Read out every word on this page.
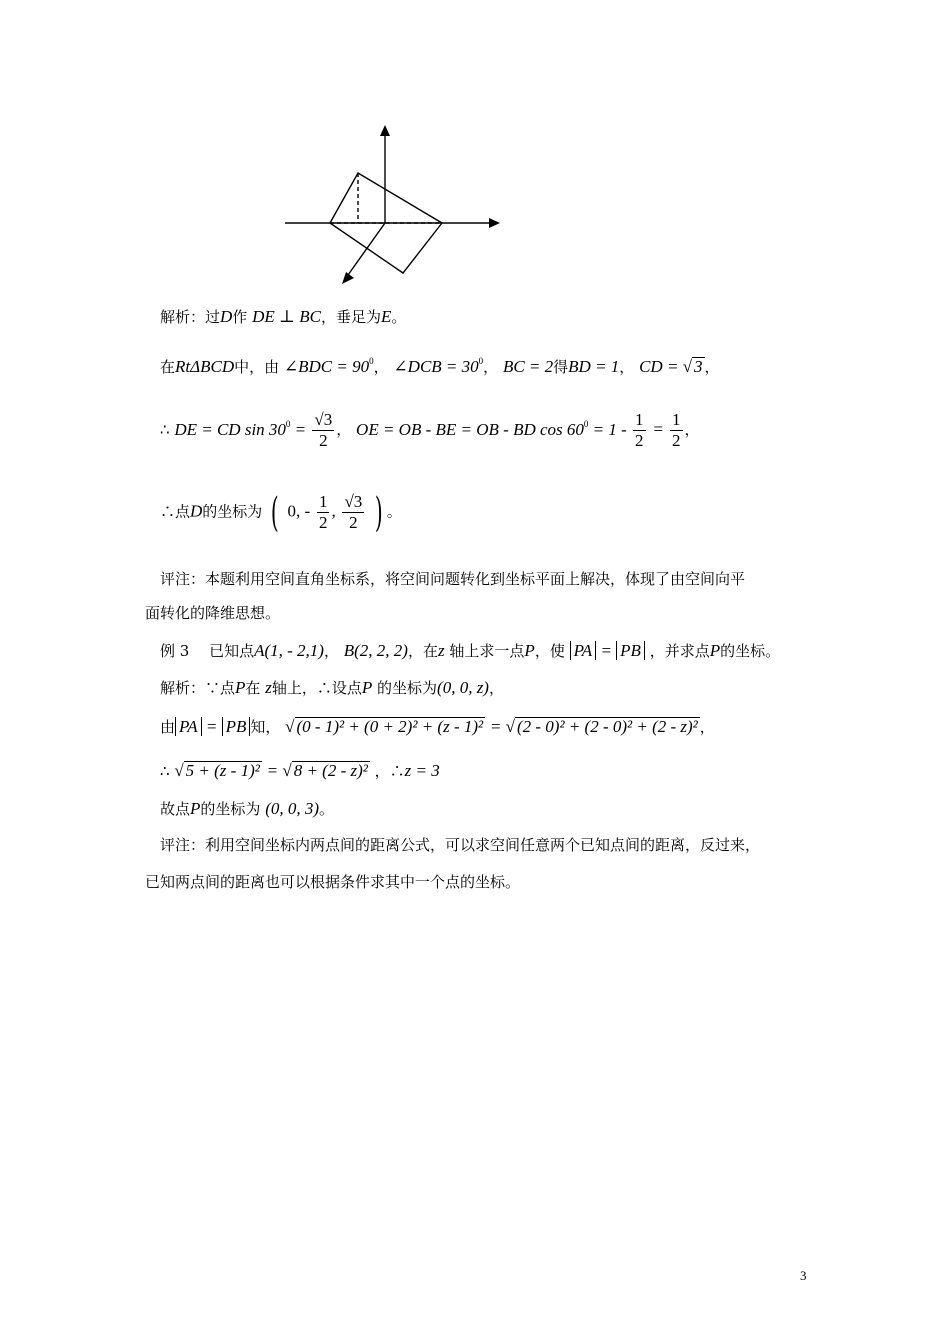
解析：过D作 DE ⊥ BC，垂足为E。
在RtΔBCD中，由 ∠BDC = $90^0$， ∠DCB = $30^0$， BC = 2得BD = 1， CD = √ 3 ，
∴ DE = CD $\sin 30^0 = \frac{√3}{2}$ ， OE = OB - BE = OB - BD $\cos 60^0 = 1 - \frac{1}{2} = \frac{1}{2}$ ，
∴点D的坐标为 ( 0, - $\frac{1}{2}$ , $\frac{√3}{2}$ ) 。
评注：本题利用空间直角坐标系，将空间问题转化到坐标平面上解决，体现了由空间向平
面转化的降维思想。
例 3　 已知点A(1, - 2,1)， B(2, 2, 2)，在z 轴上求一点P，使 PA = PB ，并求点P的坐标。
解析：∵点P在 z轴上，∴设点P 的坐标为(0, 0, z)，
由 PA = PB 知， √ (0 - 1)² + (0 + 2)² + (z - 1)² = √ (2 - 0)² + (2 - 0)² + (2 - z)² ，
∴ √ 5 + (z - 1)² = √ 8 + (2 - z)² ，∴z = 3
故点P的坐标为 (0, 0, 3)。
评注：利用空间坐标内两点间的距离公式，可以求空间任意两个已知点间的距离，反过来，
已知两点间的距离也可以根据条件求其中一个点的坐标。
3
